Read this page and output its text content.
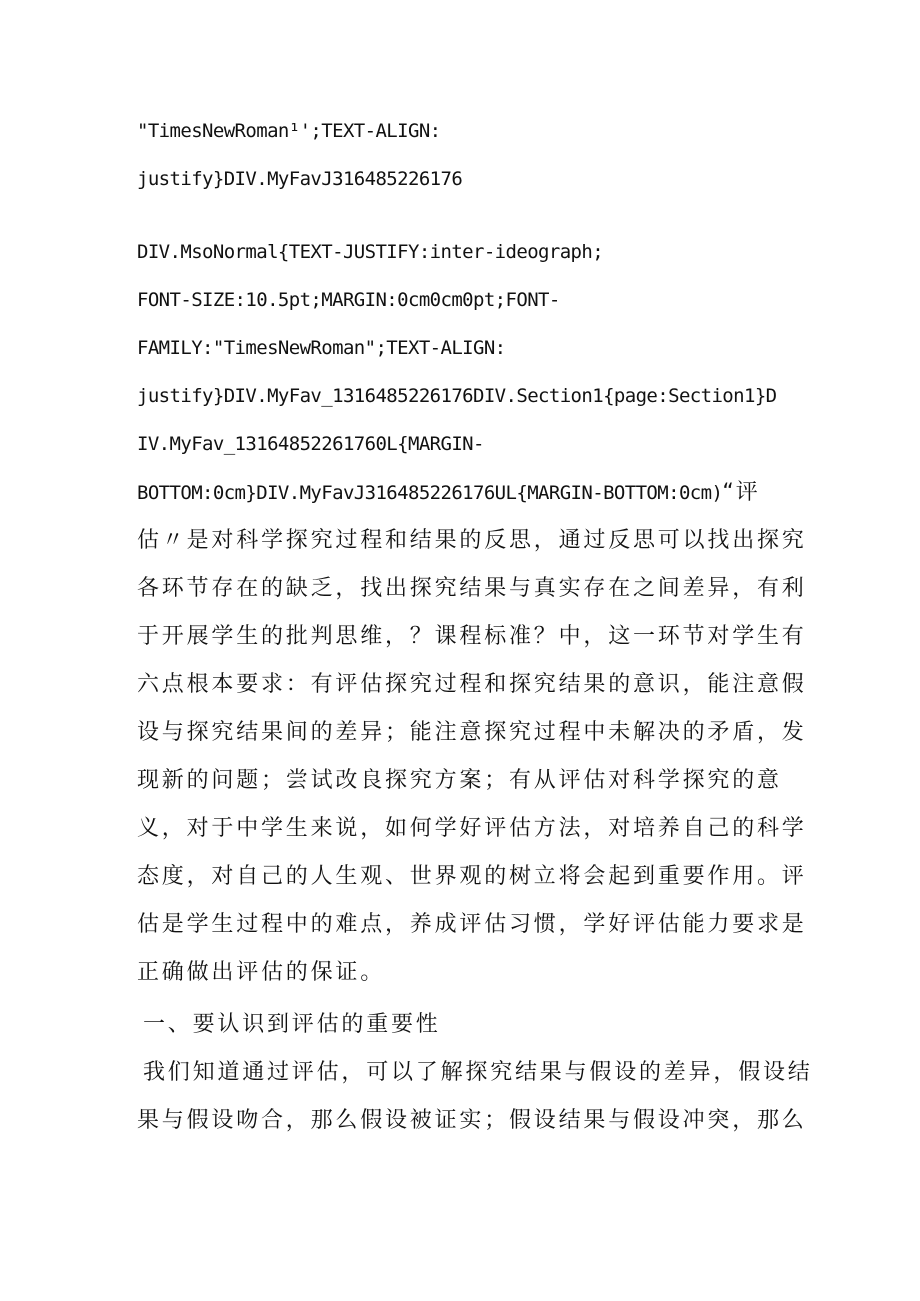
"TimesNewRoman¹';TEXT-ALIGN:

justify}DIV.MyFavJ316485226176

DIV.MsoNormal{TEXT-JUSTIFY:inter-ideograph;

FONT-SIZE:10.5pt;MARGIN:0cm0cm0pt;FONT-

FAMILY:"TimesNewRoman";TEXT-ALIGN:

justify}DIV.MyFav_1316485226176DIV.Section1{page:Section1}D

IV.MyFav_13164852261760L{MARGIN-

BOTTOM:0cm}DIV.MyFavJ316485226176UL{MARGIN-BOTTOM:0cm)“评

估〃是对科学探究过程和结果的反思，通过反思可以找出探究

各环节存在的缺乏，找出探究结果与真实存在之间差异，有利

于开展学生的批判思维，？课程标准？中，这一环节对学生有

六点根本要求：有评估探究过程和探究结果的意识，能注意假

设与探究结果间的差异；能注意探究过程中未解决的矛盾，发

现新的问题；尝试改良探究方案；有从评估对科学探究的意

义，对于中学生来说，如何学好评估方法，对培养自己的科学

态度，对自己的人生观、世界观的树立将会起到重要作用。评

估是学生过程中的难点，养成评估习惯，学好评估能力要求是

正确做出评估的保证。

一、要认识到评估的重要性

我们知道通过评估，可以了解探究结果与假设的差异，假设结

果与假设吻合，那么假设被证实；假设结果与假设冲突，那么
